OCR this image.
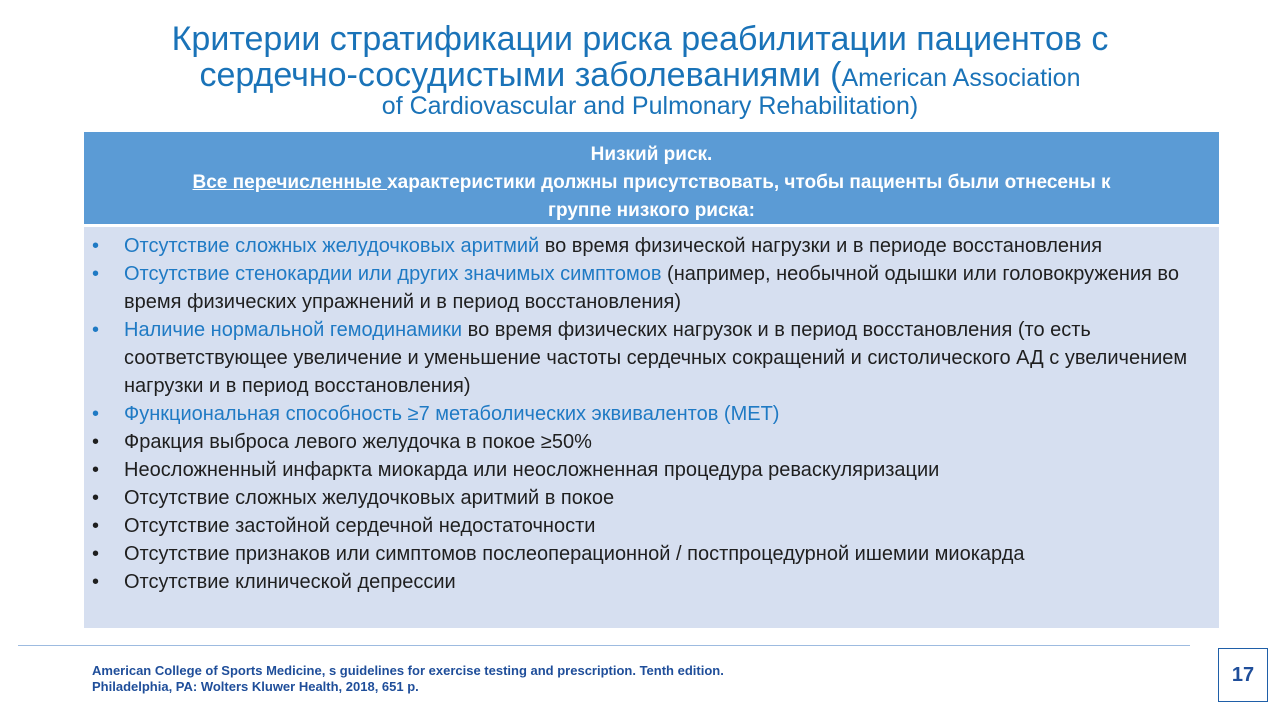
Критерии стратификации риска реабилитации пациентов с
сердечно-сосудистыми заболеваниями (American Association
of Cardiovascular and Pulmonary Rehabilitation)
Низкий риск.
Все перечисленные характеристики должны присутствовать, чтобы пациенты были отнесены к
группе низкого риска:
• Отсутствие сложных желудочковых аритмий во время физической нагрузки и в периоде восстановления
• Отсутствие стенокардии или других значимых симптомов (например, необычной одышки или головокружения во время физических упражнений и в период восстановления)
• Наличие нормальной гемодинамики во время физических нагрузок и в период восстановления (то есть соответствующее увеличение и уменьшение частоты сердечных сокращений и систолического АД с увеличением нагрузки и в период восстановления)
• Функциональная способность ≥7 метаболических эквивалентов (МЕТ)
• Фракция выброса левого желудочка в покое ≥50%
• Неосложненный инфаркта миокарда или неосложненная процедура реваскуляризации
• Отсутствие сложных желудочковых аритмий в покое
• Отсутствие застойной сердечной недостаточности
• Отсутствие признаков или симптомов послеоперационной / постпроцедурной ишемии миокарда
• Отсутствие клинической депрессии
American College of Sports Medicine, s guidelines for exercise testing and prescription. Tenth edition.
Philadelphia, PA: Wolters Kluwer Health, 2018, 651 p.
17
